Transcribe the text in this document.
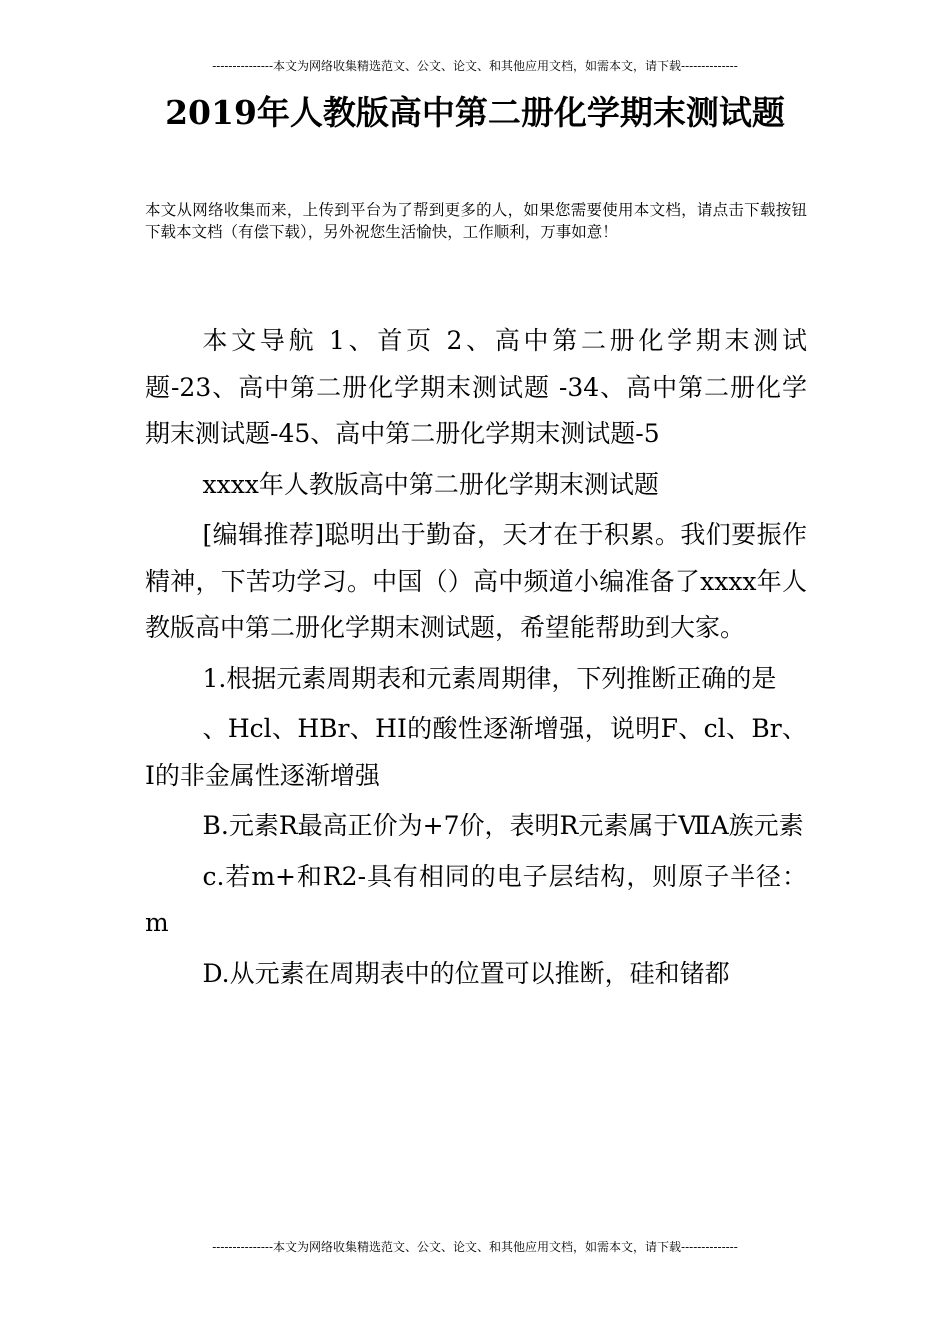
---------------本文为网络收集精选范文、公文、论文、和其他应用文档，如需本文，请下载--------------
2019年人教版高中第二册化学期末测试题

本文从网络收集而来，上传到平台为了帮到更多的人，如果您需要使用本文档，请点击下载按钮下载本文档（有偿下载），另外祝您生活愉快，工作顺利，万事如意！

本文导航 1、首页 2、高中第二册化学期末测试题-23、高中第二册化学期末测试题 -34、高中第二册化学期末测试题-45、高中第二册化学期末测试题-5

xxxx年人教版高中第二册化学期末测试题

[编辑推荐]聪明出于勤奋，天才在于积累。我们要振作精神，下苦功学习。中国（）高中频道小编准备了xxxx年人教版高中第二册化学期末测试题，希望能帮助到大家。

1.根据元素周期表和元素周期律，下列推断正确的是

、Hcl、HBr、HI的酸性逐渐增强，说明F、cl、Br、I的非金属性逐渐增强

B.元素R最高正价为+7价，表明R元素属于ⅦA族元素

c.若m+和R2-具有相同的电子层结构，则原子半径：m

D.从元素在周期表中的位置可以推断，硅和锗都

---------------本文为网络收集精选范文、公文、论文、和其他应用文档，如需本文，请下载--------------
